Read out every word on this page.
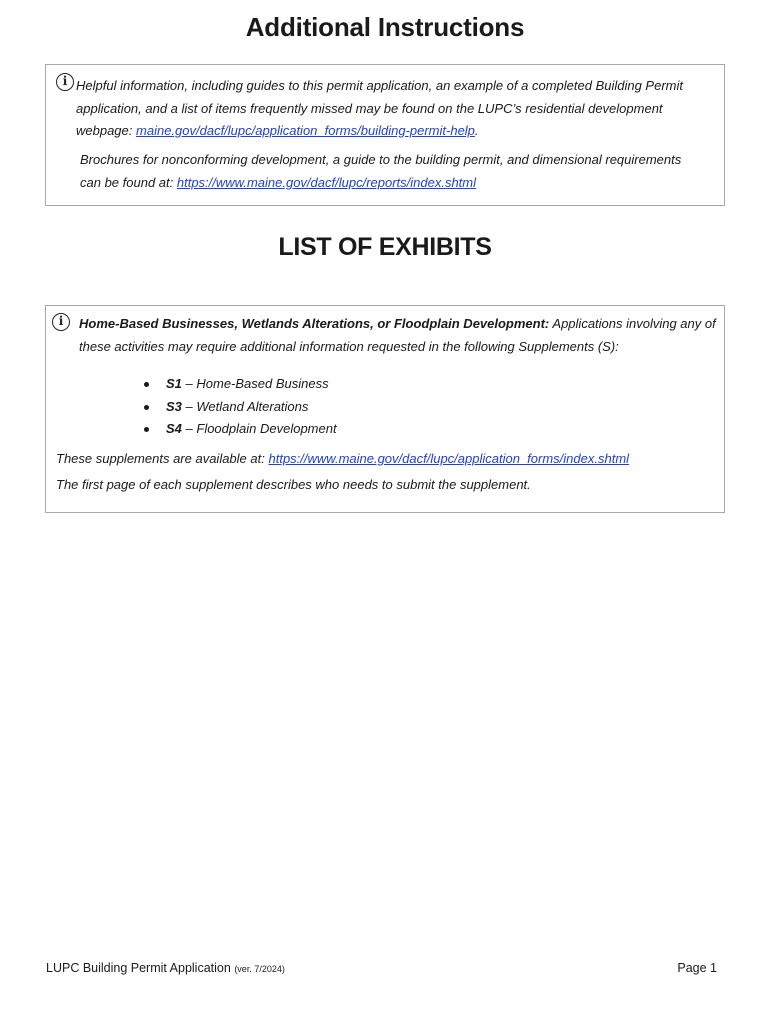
Additional Instructions
i Helpful information, including guides to this permit application, an example of a completed Building Permit application, and a list of items frequently missed may be found on the LUPC’s residential development webpage: maine.gov/dacf/lupc/application_forms/building-permit-help.
Brochures for nonconforming development, a guide to the building permit, and dimensional requirements can be found at: https://www.maine.gov/dacf/lupc/reports/index.shtml
LIST OF EXHIBITS
i	Home-Based Businesses, Wetlands Alterations, or Floodplain Development: Applications involving any of these activities may require additional information requested in the following Supplements (S):
S1 – Home-Based Business
S3 – Wetland Alterations
S4 – Floodplain Development
These supplements are available at: https://www.maine.gov/dacf/lupc/application_forms/index.shtml
The first page of each supplement describes who needs to submit the supplement.
LUPC Building Permit Application (ver. 7/2024)	Page 1
